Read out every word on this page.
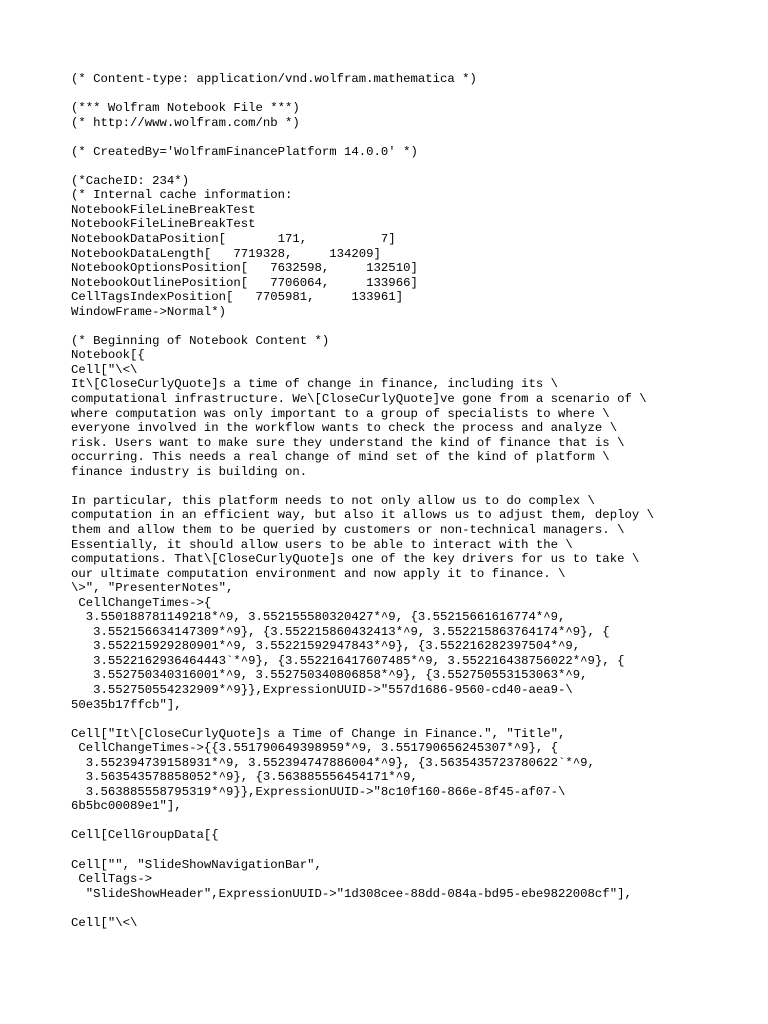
(* Content-type: application/vnd.wolfram.mathematica *)
(*** Wolfram Notebook File ***)
(* http://www.wolfram.com/nb *)
(* CreatedBy='WolframFinancePlatform 14.0.0' *)
(*CacheID: 234*)
(* Internal cache information:
NotebookFileLineBreakTest
NotebookFileLineBreakTest
NotebookDataPosition[       171,          7]
NotebookDataLength[   7719328,     134209]
NotebookOptionsPosition[   7632598,     132510]
NotebookOutlinePosition[   7706064,     133966]
CellTagsIndexPosition[   7705981,     133961]
WindowFrame->Normal*)
(* Beginning of Notebook Content *)
Notebook[{
Cell["\<\
It\[CloseCurlyQuote]s a time of change in finance, including its \
computational infrastructure. We\[CloseCurlyQuote]ve gone from a scenario of \
where computation was only important to a group of specialists to where \
everyone involved in the workflow wants to check the process and analyze \
risk. Users want to make sure they understand the kind of finance that is \
occurring. This needs a real change of mind set of the kind of platform \
finance industry is building on.
In particular, this platform needs to not only allow us to do complex \
computation in an efficient way, but also it allows us to adjust them, deploy \
them and allow them to be queried by customers or non-technical managers. \
Essentially, it should allow users to be able to interact with the \
computations. That\[CloseCurlyQuote]s one of the key drivers for us to take \
our ultimate computation environment and now apply it to finance. \
\>", "PresenterNotes",
CellChangeTimes->{
3.550188781149218*^9, 3.552155580320427*^9, {3.55215661616774*^9,
3.552156634147309*^9}, {3.552215860432413*^9, 3.552215863764174*^9}, {
3.552215929280901*^9, 3.55221592947843*^9}, {3.552216282397504*^9,
3.5522162936464443`*^9}, {3.552216417607485*^9, 3.552216438756022*^9}, {
3.552750340316001*^9, 3.552750340806858*^9}, {3.552750553153063*^9,
3.552750554232909*^9}},ExpressionUUID->"557d1686-9560-cd40-aea9-\
50e35b17ffcb"],
Cell["It\[CloseCurlyQuote]s a Time of Change in Finance.", "Title",
CellChangeTimes->{{3.551790649398959*^9, 3.551790656245307*^9}, {
3.552394739158931*^9, 3.552394747886004*^9}, {3.5635435723780622`*^9,
3.563543578858052*^9}, {3.563885556454171*^9,
3.563885558795319*^9}},ExpressionUUID->"8c10f160-866e-8f45-af07-\
6b5bc00089e1"],
Cell[CellGroupData[{
Cell["", "SlideShowNavigationBar",
CellTags->
"SlideShowHeader",ExpressionUUID->"1d308cee-88dd-084a-bd95-ebe9822008cf"],
Cell["\<\
